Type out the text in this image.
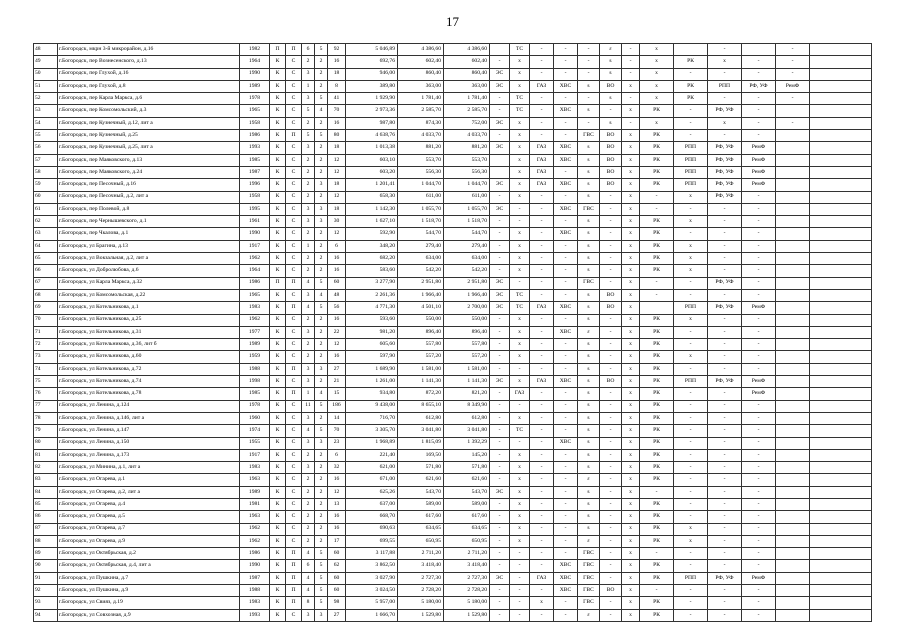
17
48	г.Богородск, мкрн 3-й микрорайон, д.16	1982	П	П	6	5	92	5 046,89	4 386,60	4 386,60		ТС	-	-	-	ε	-	x		-		-	
49	г.Богородск, пер Вознесенского, д.13	1964	К	С	2	2	16	692,76	602,40	602,40	-	x	-	-	-	s	-	x	РК	x	-	-	
50	г.Богородск, пер Глухой, д.16	1990	К	С	3	2	18	946,00	860,40	860,40	ЭС	x	-	-	-	s	-	x	-	-	-	-	
51	г.Богородск, пер Глухой, д.8	1989	К	С	1	2	8	389,80	363,00	363,00	ЭС	x	ГАЗ	ХВС	s	ВО	x	x	РК	РПП	РФ, УФ	РемФ	
52	г.Богородск, пер Карла Маркса, д.6	1978	К	С	3	5	41	1 929,90	1 781,40	1 781,40	-	ТС	-	-	-	s	-	x	РК	-	-	-	
53	г.Богородск, пер Комсомольский, д.3	1965	К	С	5	4	70	2 973,36	2 585,70	2 585,70	-	ТС	-	ХВС	s	-	x	РК	-	РФ, УФ	-		
54	г.Богородск, пер Кузнечный, д.12, лит а	1958	К	С	2	2	16	987,80	874,30	752,00	ЭС	x	-	-	-	s	-	x	-	x	-	-	
55	г.Богородск, пер Кузнечный, д.25	1986	К	П	5	5	80	4 638,76	4 033,70	4 033,70	-	x	-	-	ГВС	ВО	x	РК	-	-	-		
56	г.Богородск, пер Кузнечный, д.25, лит а	1993	К	С	3	2	18	1 013,38	881,20	881,20	ЭС	x	ГАЗ	ХВС	s	ВО	x	РК	РПП	РФ, УФ	РемФ		
57	г.Богородск, пер Маяковского, д.13	1985	К	С	2	2	12	603,10	553,70	553,70		x	ГАЗ	ХВС	s	ВО	x	РК	РПП	РФ, УФ	РемФ		
58	г.Богородск, пер Маяковского, д.24	1987	К	С	2	2	12	603,20	556,30	556,30		x	ГАЗ	-	s	ВО	x	РК	РПП	РФ, УФ	РемФ		
59	г.Богородск, пер Песочный, д.16	1996	К	С	2	3	18	1 201,41	1 044,70	1 044,70	ЭС	x	ГАЗ	ХВС	s	ВО	x	РК	РПП	РФ, УФ	РемФ		
60	г.Богородск, пер Песочный, д.2, лит а	1958	К	С	2	2	12	658,30	611,00	611,00	-	x	-	-	s	-	x	-	x	РФ, УФ	-		
61	г.Богородск, пер Полевой, д.8	1995	К	С	3	3	18	1 142,30	1 055,70	1 055,70	ЭС	-	-	ХВС	ГВС	-	x	-	-	-	-		
62	г.Богородск, пер Чернышевского, д.1	1961	К	С	3	3	30	1 627,10	1 518,70	1 518,70	-	-	-	-	s	-	x	РК	x	-	-		
63	г.Богородск, пер Чкалова, д.1	1990	К	С	2	2	12	592,90	544,70	544,70	-	x	-	ХВС	s	-	x	РК	-	-	-		
64	г.Богородск, ул Брагина, д.13	1917	К	С	1	2	6	348,20	279,40	279,40	-	x	-	-	s	-	x	РК	x	-	-		
65	г.Богородск, ул Вокзальная, д.2, лит а	1962	К	С	2	2	16	682,20	634,00	634,00	-	x	-	-	s	-	x	РК	x	-	-		
66	г.Богородск, ул Добролюбова, д.6	1964	К	С	2	2	16	583,60	542,20	542,20	-	x	-	-	s	-	x	РК	x	-	-		
67	г.Богородск, ул Карла Маркса, д.32	1986	П	П	4	5	60	3 277,90	2 951,80	2 951,80	ЭС	-	-	-	ГВС	-	x	-	-	РФ, УФ	-		
68	г.Богородск, ул Комсомольская, д.22	1965	К	С	3	4	48	2 261,36	1 966,40	1 966,40	ЭС	ТС	-	-	s	ВО	x	-	-	-	-		
69	г.Богородск, ул Котельникова, д.1	1983	К	П	4	5	56	4 771,30	4 501,10	2 700,00	ЭС	ТС	ГАЗ	ХВС	s	ВО	x		РПП	РФ, УФ	РемФ		
70	г.Богородск, ул Котельникова, д.25	1962	К	С	2	2	16	593,60	550,00	550,00	-	x	-	-	s	-	x	РК	x	-	-		
71	г.Богородск, ул Котельникова, д.31	1977	К	С	3	2	22	981,20	896,40	896,40	-	x	-	ХВС	ε	-	x	РК	-	-	-		
72	г.Богородск, ул Котельникова, д.36, лит б	1989	К	С	2	2	12	605,60	557,80	557,80	-	x	-	-	s	-	x	РК	-	-	-		
73	г.Богородск, ул Котельникова, д.60	1959	К	С	2	2	16	597,90	557,20	557,20	-	x	-	-	s	-	x	РК	x	-	-		
74	г.Богородск, ул Котельникова, д.72	1988	К	П	3	3	27	1 689,90	1 581,00	1 581,00	-	-	-	-	s	-	x	РК	-	-	-		
75	г.Богородск, ул Котельникова, д.74	1998	К	С	3	2	21	1 261,00	1 141,30	1 141,30	ЭС	x	ГАЗ	ХВС	s	ВО	x	РК	РПП	РФ, УФ	РемФ		
76	г.Богородск, ул Котельникова, д.78	1985	К	П	1	4	15	934,80	872,20	821,20	-	ГАЗ	-	-	s	-	x	РК	-	-	РемФ		
77	г.Богородск, ул Ленина, д.124	1978	К	С	11	5	186	9 438,00	8 655,10	8 349,90	-	-	-	-	s	-	x	РК	-	-	-		
78	г.Богородск, ул Ленина, д.146, лит а	1960	К	С	3	2	14	716,70	612,80	612,80	-	x	-	-	s	-	x	РК	-	-	-		
79	г.Богородск, ул Ленина, д.147	1974	К	С	4	5	70	3 305,70	3 041,80	3 041,80	-	ТС	-	-	s	-	x	РК	-	-	-		
80	г.Богородск, ул Ленина, д.150	1955	К	С	3	3	23	1 968,89	1 815,09	1 392,29	-	-	-	ХВС	s	-	x	РК	-	-	-		
81	г.Богородск, ул Ленина, д.173	1917	К	С	2	2	6	221,40	169,50	145,20	-	x	-	-	s	-	x	РК	-	-	-		
82	г.Богородск, ул Минина, д.1, лит а	1983	К	С	3	2	32	621,00	571,80	571,80	-	x	-	-	s	-	x	РК	-	-	-		
83	г.Богородск, ул Огарева, д.1	1963	К	С	2	2	16	671,00	621,60	621,60	-	x	-	-	ε	-	x	РК	-	-	-		
84	г.Богородск, ул Огарева, д.2, лит а	1989	К	С	2	2	12	625,26	543,70	543,70	ЭС	x	-	-	s	-	x	-	-	-	-		
85	г.Богородск, ул Огарева, д.4	1981	К	С	2	2	13	637,00	589,00	589,00	-	x	-	-	s	-	x	РК	-	-	-		
86	г.Богородск, ул Огарева, д.5	1963	К	С	2	2	16	668,70	617,60	617,60	-	x	-	-	s	-	x	РК	-	-	-		
87	г.Богородск, ул Огарева, д.7	1962	К	С	2	2	16	690,63	634,65	634,65	-	x	-	-	s	-	x	РК	x	-	-		
88	г.Богородск, ул Огарева, д.9	1962	К	С	2	2	17	699,55	650,95	650,95	-	x	-	-	ε	-	x	РК	x	-	-		
89	г.Богородск, ул Октябрьская, д.2	1986	К	П	4	5	60	3 117,88	2 711,20	2 711,20	-	-	-	-	ГВС	-	x	-	-	-	-		
90	г.Богородск, ул Октябрьская, д.4, лит а	1990	К	П	6	5	62	3 862,50	3 418,40	3 418,40	-	-	-	ХВС	ГВС	-	x	РК	-	-	-		
91	г.Богородск, ул Пушкина, д.7	1987	К	П	4	5	60	3 027,90	2 727,30	2 727,30	ЭС	-	ГАЗ	ХВС	ГВС	-	x	РК	РПП	РФ, УФ	РемФ		
92	г.Богородск, ул Пушкина, д.9	1988	К	П	4	5	60	3 024,50	2 728,20	2 728,20	-	-	-	ХВС	ГВС	ВО	x	-	-	-	-		
93	г.Богородск, ул Свияз, д.19	1983	К	П	8	5	98	5 957,00	5 180,00	5 180,00	-	-	x	-	ГВС	-	x	РК	-	-	-		
94	г.Богородск, ул Совхозная, д.9	1993	К	С	3	3	27	1 666,70	1 529,80	1 529,80	-	-	-	-	ε	-	x	РК	-	-	-		
